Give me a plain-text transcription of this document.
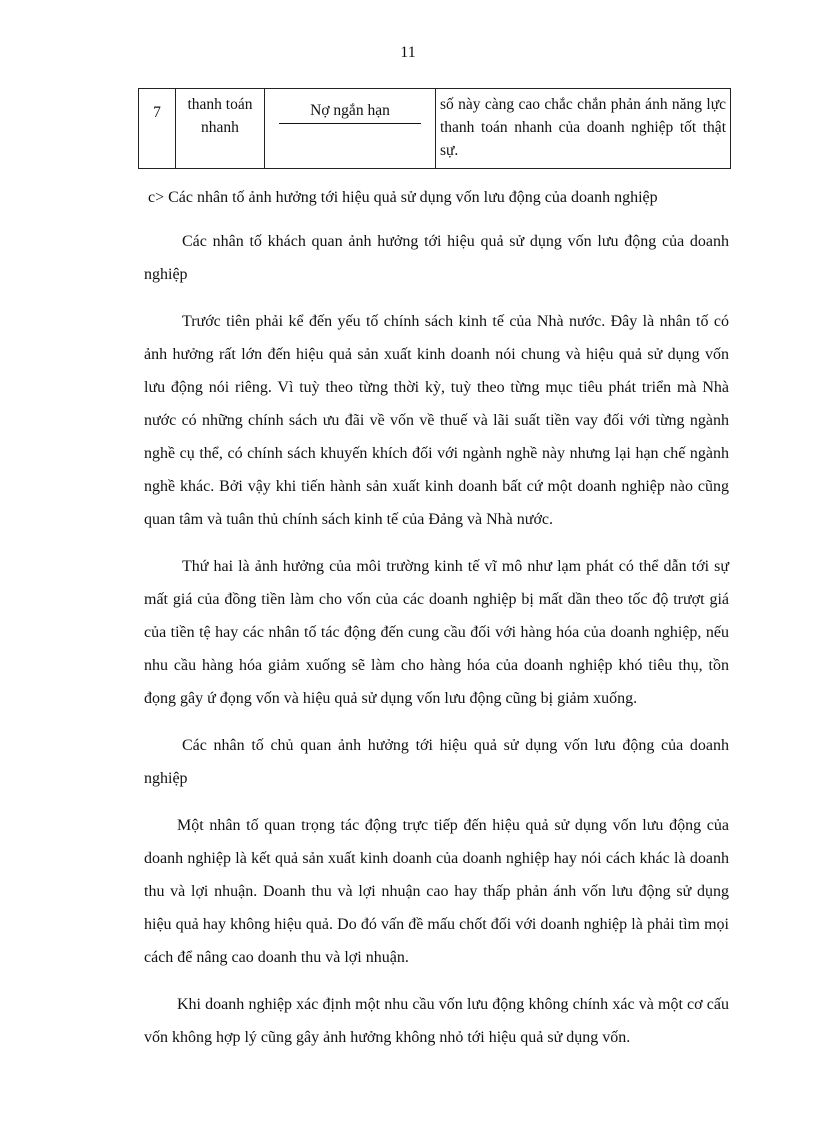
11
7	thanh toán nhanh	Nợ ngắn hạn	số này càng cao chắc chắn phản ánh năng lực thanh toán nhanh của doanh nghiệp tốt thật sự.
c> Các nhân tố ảnh hưởng tới hiệu quả sử dụng vốn lưu động của doanh nghiệp

Các nhân tố khách quan ảnh hưởng tới hiệu quả sử dụng vốn lưu động của doanh nghiệp

Trước tiên phải kể đến yếu tố chính sách kinh tế của Nhà nước. Đây là nhân tố có ảnh hưởng rất lớn đến hiệu quả sản xuất kinh doanh nói chung và hiệu quả sử dụng vốn lưu động nói riêng. Vì tuỳ theo từng thời kỳ, tuỳ theo từng mục tiêu phát triển mà Nhà nước có những chính sách ưu đãi về vốn về thuế và lãi suất tiền vay đối với từng ngành nghề cụ thể, có chính sách khuyến khích đối với ngành nghề này nhưng lại hạn chế ngành nghề khác. Bởi vậy khi tiến hành sản xuất kinh doanh bất cứ một doanh nghiệp nào cũng quan tâm và tuân thủ chính sách kinh tế của Đảng và Nhà nước.

Thứ hai là ảnh hưởng của môi trường kinh tế vĩ mô như lạm phát có thể dẫn tới sự mất giá của đồng tiền làm cho vốn của các doanh nghiệp bị mất dần theo tốc độ trượt giá của tiền tệ hay các nhân tố tác động đến cung cầu đối với hàng hóa của doanh nghiệp, nếu nhu cầu hàng hóa giảm xuống sẽ làm cho hàng hóa của doanh nghiệp khó tiêu thụ, tồn đọng gây ứ đọng vốn và hiệu quả sử dụng vốn lưu động cũng bị giảm xuống.

Các nhân tố chủ quan ảnh hưởng tới hiệu quả sử dụng vốn lưu động của doanh nghiệp

Một nhân tố quan trọng tác động trực tiếp đến hiệu quả sử dụng vốn lưu động của doanh nghiệp là kết quả sản xuất kinh doanh của doanh nghiệp hay nói cách khác là doanh thu và lợi nhuận. Doanh thu và lợi nhuận cao hay thấp phản ánh vốn lưu động sử dụng hiệu quả hay không hiệu quả. Do đó vấn đề mấu chốt đối với doanh nghiệp là phải tìm mọi cách để nâng cao doanh thu và lợi nhuận.

Khi doanh nghiệp xác định một nhu cầu vốn lưu động không chính xác và một cơ cấu vốn không hợp lý cũng gây ảnh hưởng không nhỏ tới hiệu quả sử dụng vốn.
